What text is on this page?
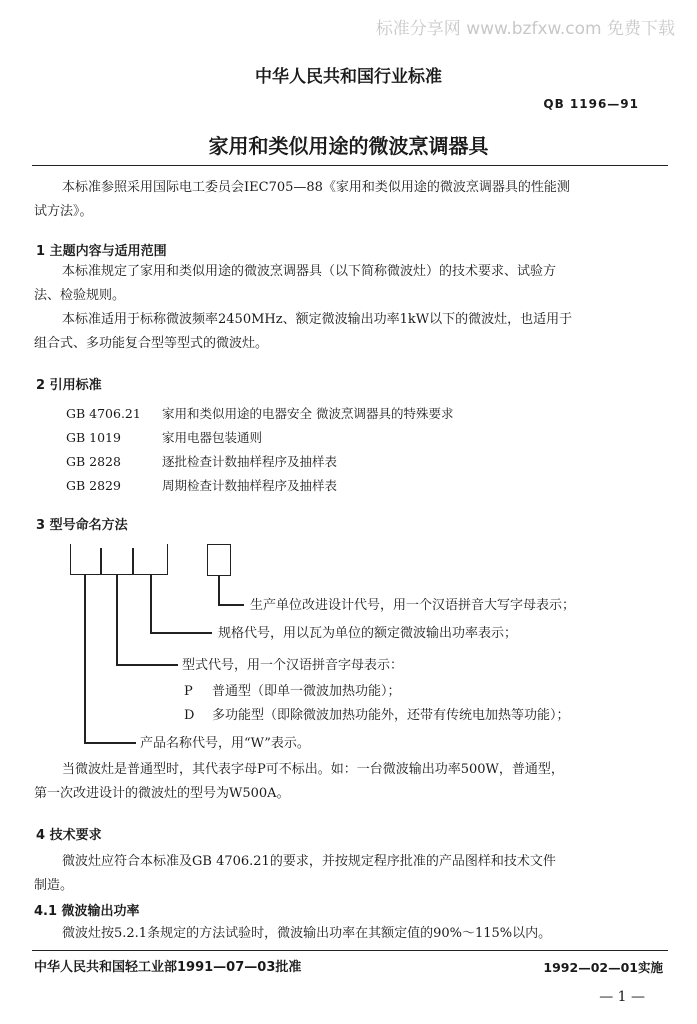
标准分享网 www.bzfxw.com 免费下载
中华人民共和国行业标准
QB 1196—91
家用和类似用途的微波烹调器具
本标准参照采用国际电工委员会IEC705—88《家用和类似用途的微波烹调器具的性能测
试方法》。
1 主题内容与适用范围
本标准规定了家用和类似用途的微波烹调器具（以下简称微波灶）的技术要求、试验方
法、检验规则。
本标准适用于标称微波频率2450MHz、额定微波输出功率1kW以下的微波灶，也适用于
组合式、多功能复合型等型式的微波灶。
2 引用标准
GB 4706.21 家用和类似用途的电器安全 微波烹调器具的特殊要求
GB 1019	家用电器包装通则
GB 2828	逐批检查计数抽样程序及抽样表
GB 2829	周期检查计数抽样程序及抽样表
3 型号命名方法
生产单位改进设计代号，用一个汉语拼音大写字母表示；
规格代号，用以瓦为单位的额定微波输出功率表示；
型式代号，用一个汉语拼音字母表示：
P 普通型（即单一微波加热功能）；
D 多功能型（即除微波加热功能外，还带有传统电加热等功能）；
产品名称代号，用“W”表示。
当微波灶是普通型时，其代表字母P可不标出。如：一台微波输出功率500W，普通型，
第一次改进设计的微波灶的型号为W500A。
4 技术要求
微波灶应符合本标准及GB 4706.21的要求，并按规定程序批准的产品图样和技术文件
制造。
4.1 微波输出功率
微波灶按5.2.1条规定的方法试验时，微波输出功率在其额定值的90%～115%以内。
中华人民共和国轻工业部1991—07—03批准	1992—02—01实施
— 1 —
